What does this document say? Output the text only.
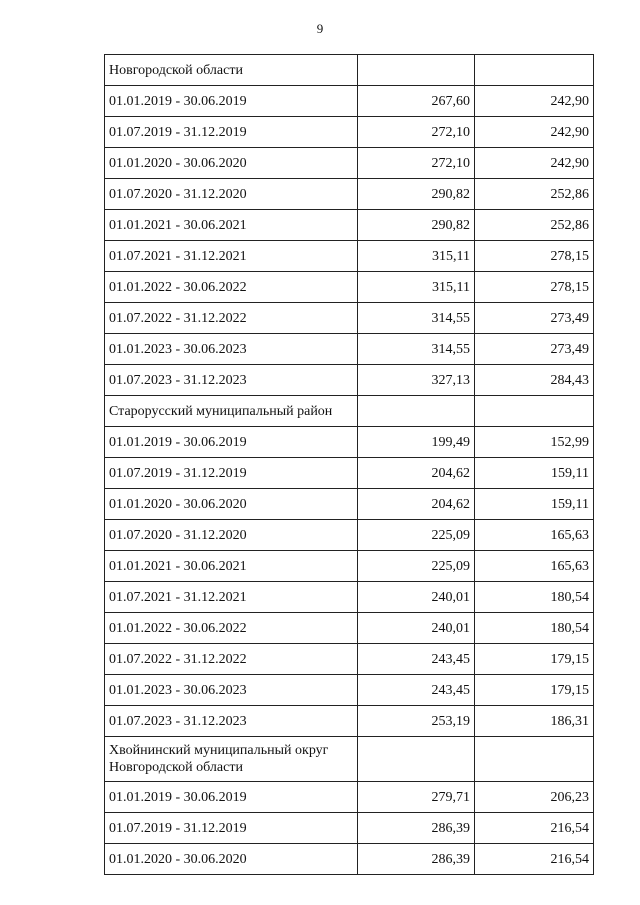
9
Новгородской области		
01.01.2019 - 30.06.2019	267,60	242,90
01.07.2019 - 31.12.2019	272,10	242,90
01.01.2020 - 30.06.2020	272,10	242,90
01.07.2020 - 31.12.2020	290,82	252,86
01.01.2021 - 30.06.2021	290,82	252,86
01.07.2021 - 31.12.2021	315,11	278,15
01.01.2022 - 30.06.2022	315,11	278,15
01.07.2022 - 31.12.2022	314,55	273,49
01.01.2023 - 30.06.2023	314,55	273,49
01.07.2023 - 31.12.2023	327,13	284,43
Старорусский муниципальный район		
01.01.2019 - 30.06.2019	199,49	152,99
01.07.2019 - 31.12.2019	204,62	159,11
01.01.2020 - 30.06.2020	204,62	159,11
01.07.2020 - 31.12.2020	225,09	165,63
01.01.2021 - 30.06.2021	225,09	165,63
01.07.2021 - 31.12.2021	240,01	180,54
01.01.2022 - 30.06.2022	240,01	180,54
01.07.2022 - 31.12.2022	243,45	179,15
01.01.2023 - 30.06.2023	243,45	179,15
01.07.2023 - 31.12.2023	253,19	186,31
Хвойнинский муниципальный округ Новгородской области		
01.01.2019 - 30.06.2019	279,71	206,23
01.07.2019 - 31.12.2019	286,39	216,54
01.01.2020 - 30.06.2020	286,39	216,54
